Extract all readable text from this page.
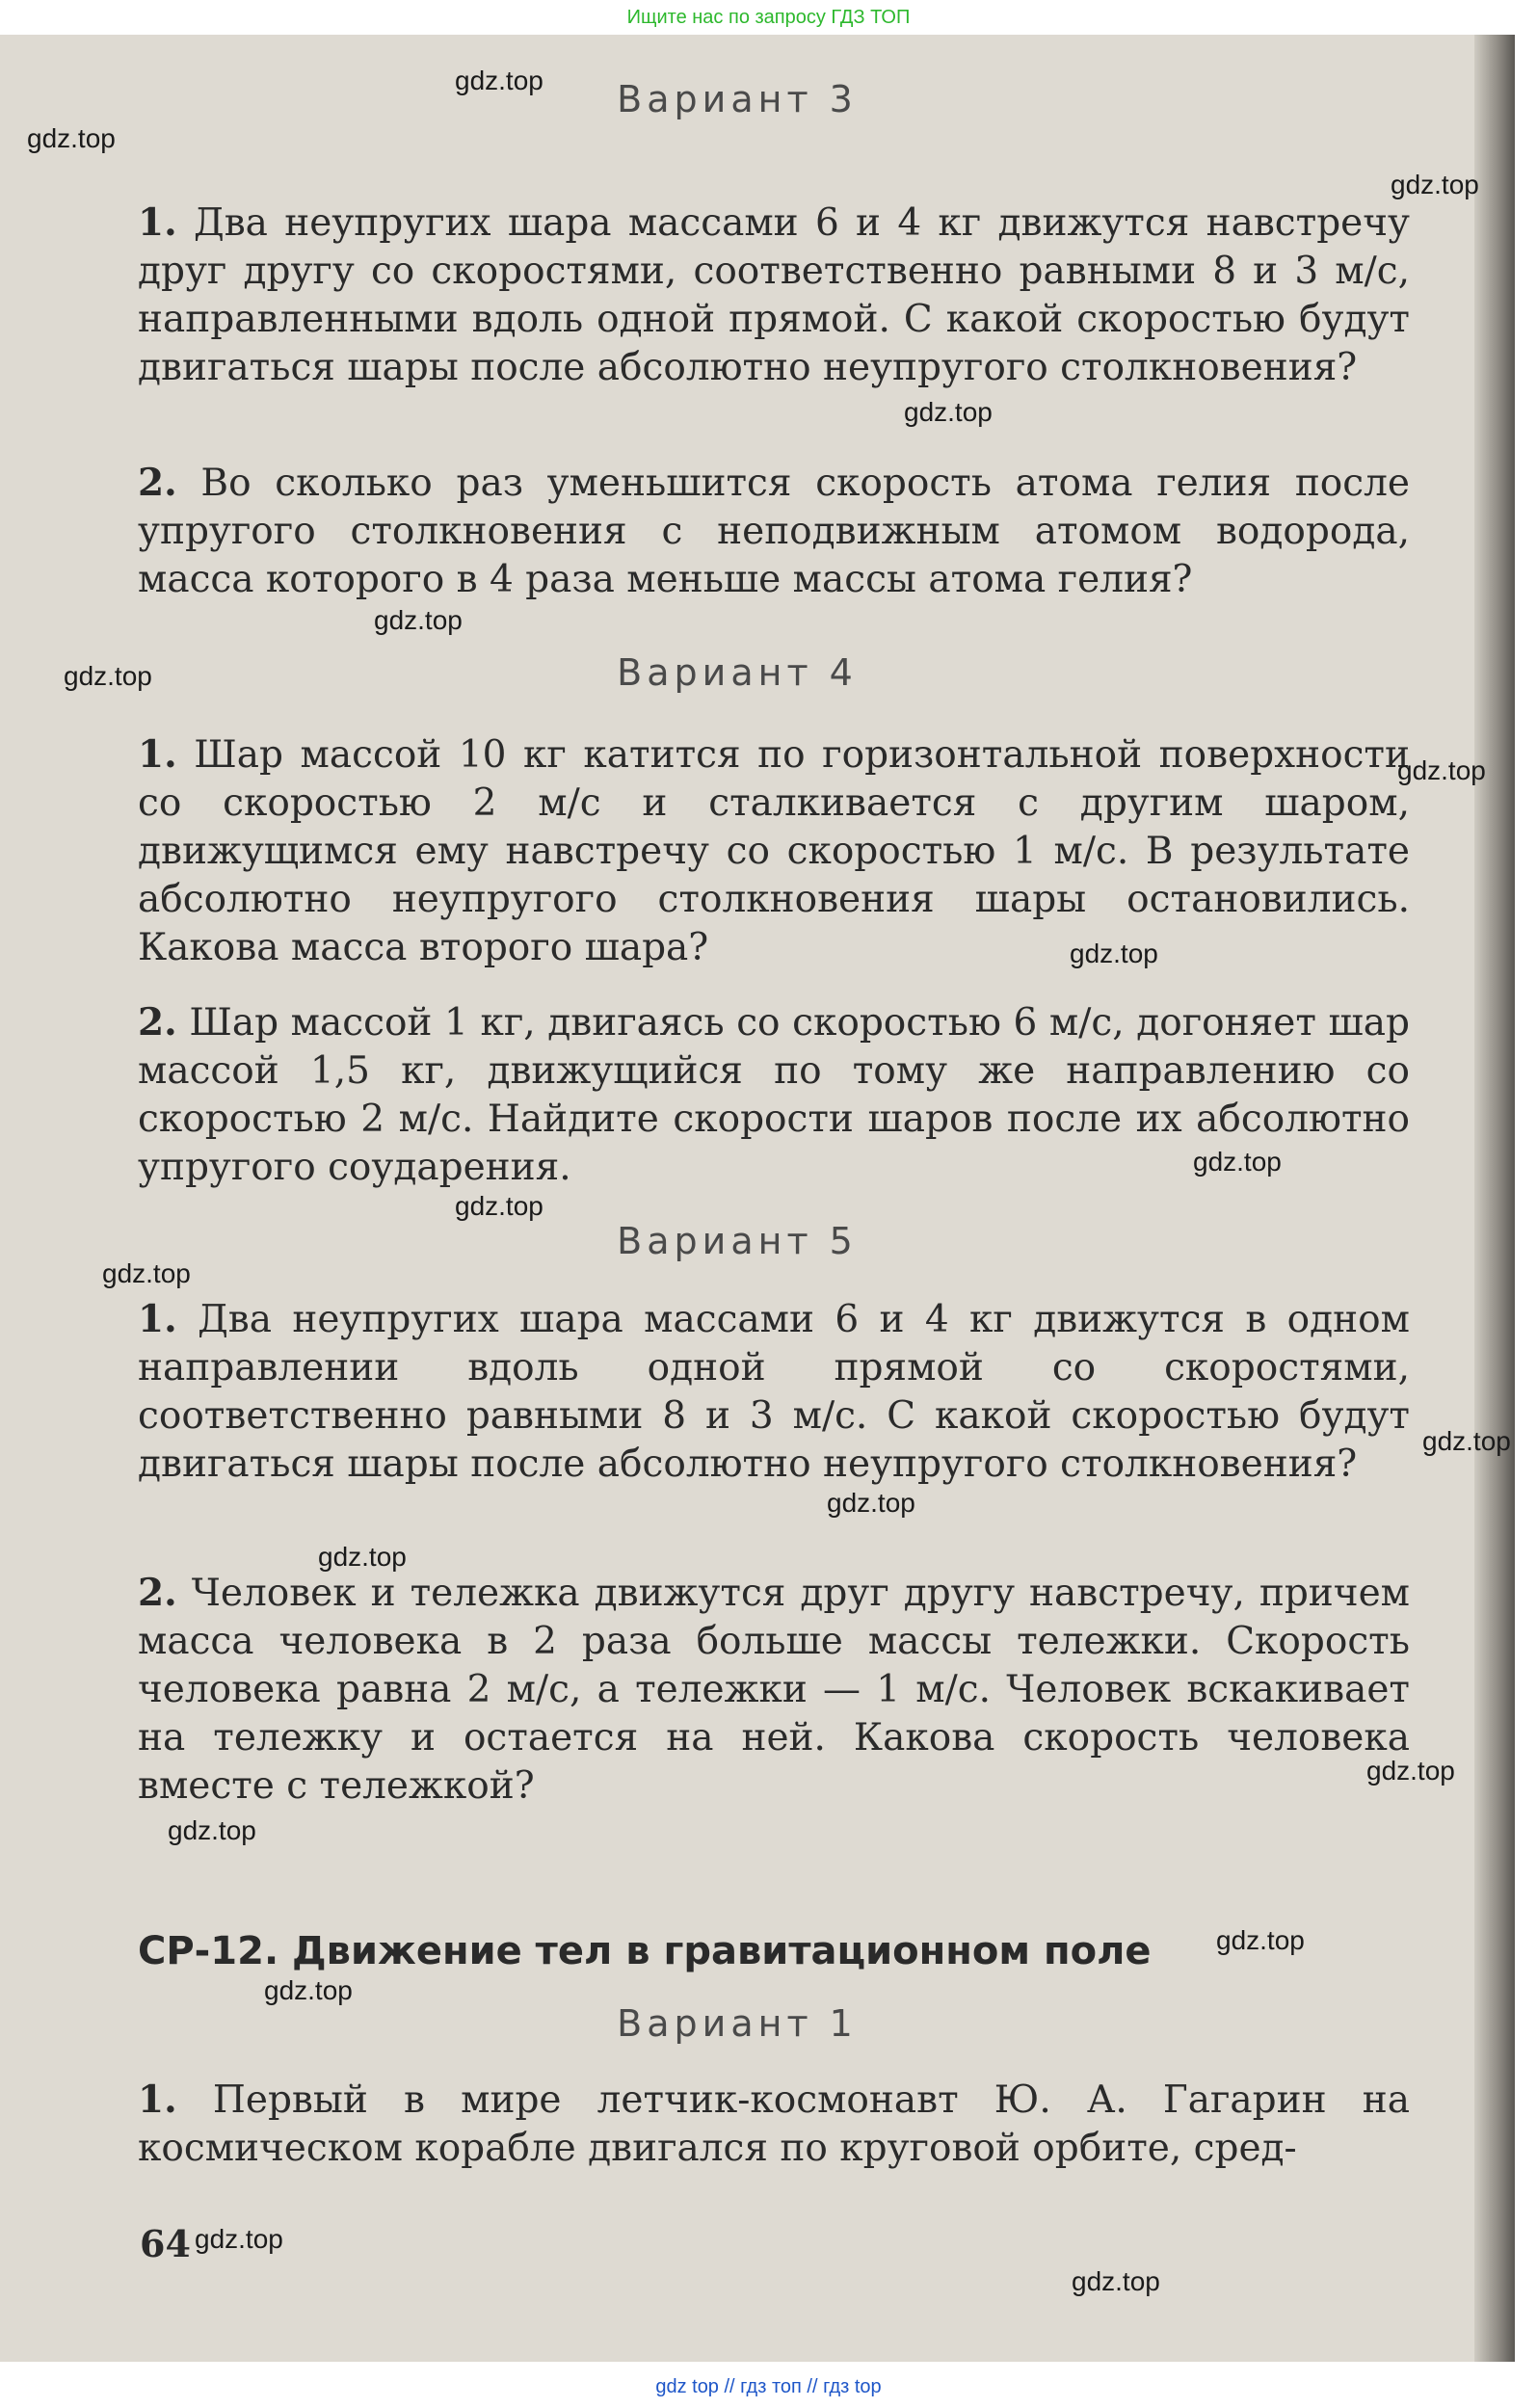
Ищите нас по запросу ГДЗ ТОП
Вариант 3

1. Два неупругих шара массами 6 и 4 кг движутся навстречу друг другу со скоростями, соответственно равными 8 и 3 м/с, направленными вдоль одной прямой. С какой скоростью будут двигаться шары после абсолютно неупругого столкновения?

2. Во сколько раз уменьшится скорость атома гелия после упругого столкновения с неподвижным атомом водорода, масса которого в 4 раза меньше массы атома гелия?

Вариант 4

1. Шар массой 10 кг катится по горизонтальной поверхности со скоростью 2 м/с и сталкивается с другим шаром, движущимся ему навстречу со скоростью 1 м/с. В результате абсолютно неупругого столкновения шары остановились. Какова масса второго шара?

2. Шар массой 1 кг, двигаясь со скоростью 6 м/с, догоняет шар массой 1,5 кг, движущийся по тому же направлению со скоростью 2 м/с. Найдите скорости шаров после их абсолютно упругого соударения.

Вариант 5

1. Два неупругих шара массами 6 и 4 кг движутся в одном направлении вдоль одной прямой со скоростями, соответственно равными 8 и 3 м/с. С какой скоростью будут двигаться шары после абсолютно неупругого столкновения?

2. Человек и тележка движутся друг другу навстречу, причем масса человека в 2 раза больше массы тележки. Скорость человека равна 2 м/с, а тележки — 1 м/с. Человек вскакивает на тележку и остается на ней. Какова скорость человека вместе с тележкой?

СР-12. Движение тел в гравитационном поле
Вариант 1

1. Первый в мире летчик-космонавт Ю. А. Гагарин на космическом корабле двигался по круговой орбите, сред-

64
gdz.top
gdz.top
gdz.top
gdz.top
gdz.top
gdz.top
gdz.top
gdz.top
gdz.top
gdz.top
gdz.top
gdz.top
gdz.top
gdz.top
gdz.top
gdz.top
gdz.top
gdz.top
gdz.top
gdz.top
gdz top // гдз топ // гдз top
